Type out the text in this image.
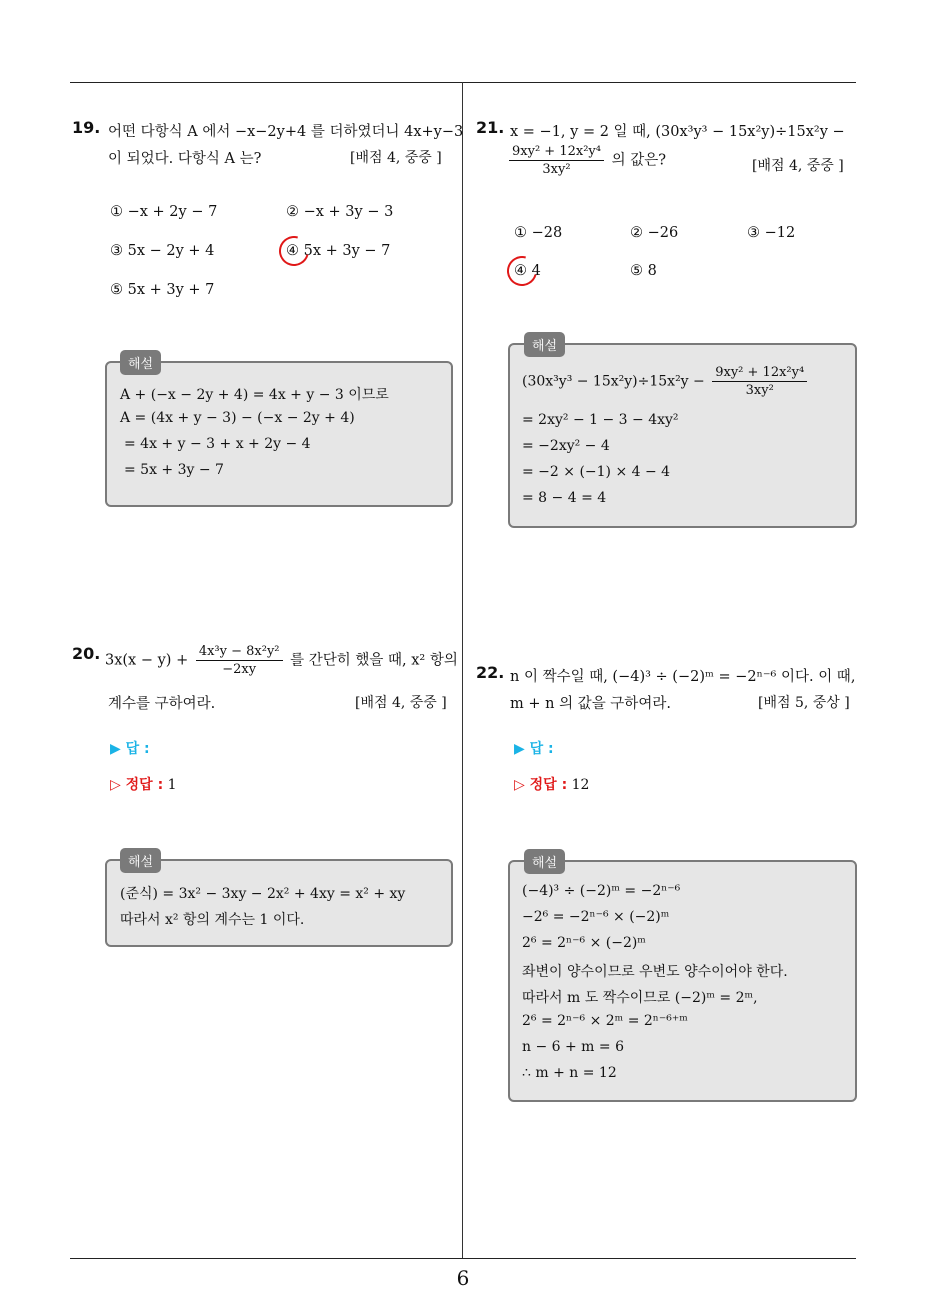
6
19. 어떤 다항식 A 에서 −x−2y+4 를 더하였더니 4x+y−3
이 되었다. 다항식 A 는?	[배점 4, 중중 ]
① −x + 2y − 7	② −x + 3y − 3
③ 5x − 2y + 4	④ 5x + 3y − 7
⑤ 5x + 3y + 7
해설
A + (−x − 2y + 4) = 4x + y − 3 이므로
A = (4x + y − 3) − (−x − 2y + 4)
= 4x + y − 3 + x + 2y − 4
= 5x + 3y − 7
20. $3x(x - y) + \frac{\text{4x³y − 8x²y²}}{-2xy}$ 를 간단히 했을 때, x² 항의
계수를 구하여라.	[배점 4, 중중 ]
▶ 답 :
▷ 정답 : 1
해설
(준식) = 3x² − 3xy − 2x² + 4xy = x² + xy
따라서 x² 항의 계수는 1 이다.
21. x = −1, y = 2 일 때, (30x³y³ − 15x²y)÷15x²y −
$\frac{\text{9xy² + 12x²y⁴}}{\text{3xy²}}$ 의 값은?	[배점 4, 중중 ]
① −28	② −26	③ −12
④ 4	⑤ 8
해설
$(30x^3y^3 - 15x^2y)\div 15x^2y - \frac{\text{9xy² + 12x²y⁴}}{\text{3xy²}}$
= 2xy² − 1 − 3 − 4xy²
= −2xy² − 4
= −2 × (−1) × 4 − 4
= 8 − 4 = 4
22. n 이 짝수일 때, (−4)³ ÷ (−2)ᵐ = −2ⁿ⁻⁶ 이다. 이 때,
m + n 의 값을 구하여라.	[배점 5, 중상 ]
▶ 답 :
▷ 정답 : 12
해설
(−4)³ ÷ (−2)ᵐ = −2ⁿ⁻⁶
−2⁶ = −2ⁿ⁻⁶ × (−2)ᵐ
2⁶ = 2ⁿ⁻⁶ × (−2)ᵐ
좌변이 양수이므로 우변도 양수이어야 한다.
따라서 m 도 짝수이므로 (−2)ᵐ = 2ᵐ,
2⁶ = 2ⁿ⁻⁶ × 2ᵐ = 2ⁿ⁻⁶⁺ᵐ
n − 6 + m = 6
∴ m + n = 12
